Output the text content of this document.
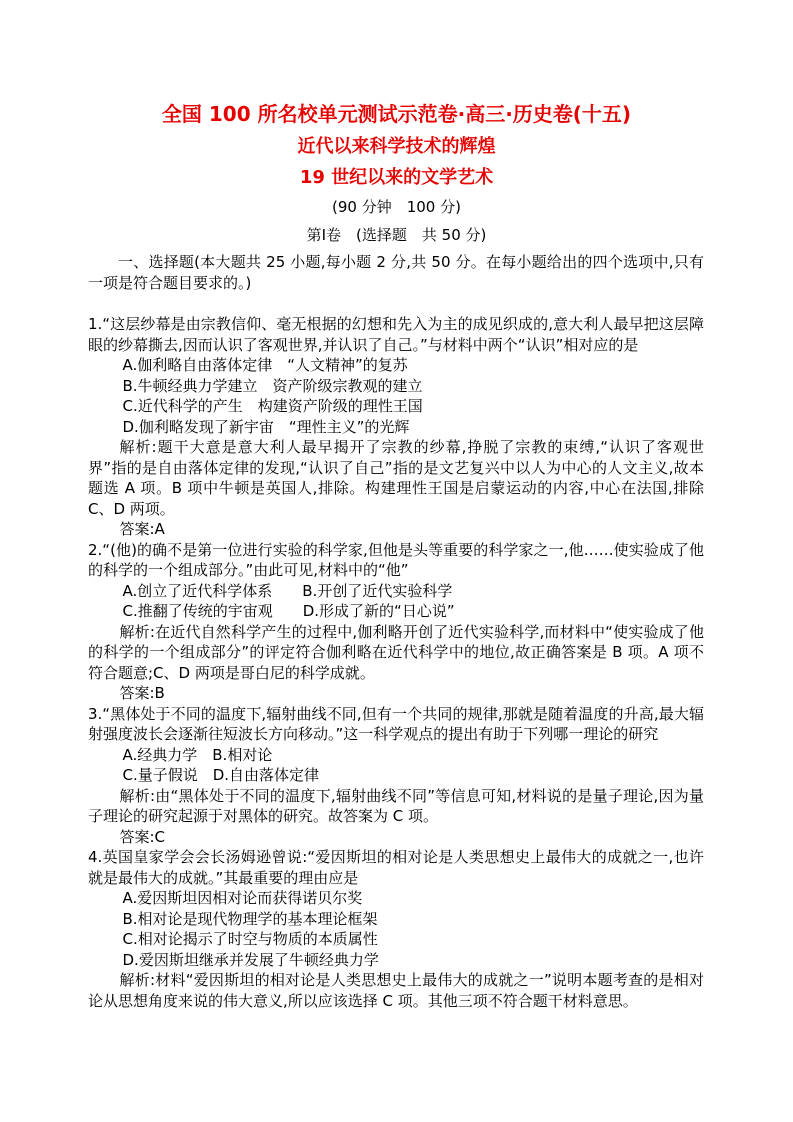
全国 100 所名校单元测试示范卷·高三·历史卷(十五)
近代以来科学技术的辉煌
19 世纪以来的文学艺术
(90 分钟　100 分)
第Ⅰ卷　(选择题　共 50 分)

一、选择题(本大题共 25 小题,每小题 2 分,共 50 分。在每小题给出的四个选项中,只有一项是符合题目要求的。)

1.“这层纱幕是由宗教信仰、毫无根据的幻想和先入为主的成见织成的,意大利人最早把这层障眼的纱幕撕去,因而认识了客观世界,并认识了自己。”与材料中两个“认识”相对应的是

A.伽利略自由落体定律　“人文精神”的复苏

B.牛顿经典力学建立　资产阶级宗教观的建立

C.近代科学的产生　构建资产阶级的理性王国

D.伽利略发现了新宇宙　“理性主义”的光辉

解析:题干大意是意大利人最早揭开了宗教的纱幕,挣脱了宗教的束缚,“认识了客观世界”指的是自由落体定律的发现,“认识了自己”指的是文艺复兴中以人为中心的人文主义,故本题选 A 项。B 项中牛顿是英国人,排除。构建理性王国是启蒙运动的内容,中心在法国,排除 C、D 两项。

答案:A

2.“(他)的确不是第一位进行实验的科学家,但他是头等重要的科学家之一,他……使实验成了他的科学的一个组成部分。”由此可见,材料中的“他”

A.创立了近代科学体系　　B.开创了近代实验科学

C.推翻了传统的宇宙观　　D.形成了新的“日心说”

解析:在近代自然科学产生的过程中,伽利略开创了近代实验科学,而材料中“使实验成了他的科学的一个组成部分”的评定符合伽利略在近代科学中的地位,故正确答案是 B 项。A 项不符合题意;C、D 两项是哥白尼的科学成就。

答案:B

3.“黑体处于不同的温度下,辐射曲线不同,但有一个共同的规律,那就是随着温度的升高,最大辐射强度波长会逐渐往短波长方向移动。”这一科学观点的提出有助于下列哪一理论的研究

A.经典力学　B.相对论

C.量子假说　D.自由落体定律

解析:由“黑体处于不同的温度下,辐射曲线不同”等信息可知,材料说的是量子理论,因为量子理论的研究起源于对黑体的研究。故答案为 C 项。

答案:C

4.英国皇家学会会长汤姆逊曾说:“爱因斯坦的相对论是人类思想史上最伟大的成就之一,也许就是最伟大的成就。”其最重要的理由应是

A.爱因斯坦因相对论而获得诺贝尔奖

B.相对论是现代物理学的基本理论框架

C.相对论揭示了时空与物质的本质属性

D.爱因斯坦继承并发展了牛顿经典力学

解析:材料“爱因斯坦的相对论是人类思想史上最伟大的成就之一”说明本题考查的是相对论从思想角度来说的伟大意义,所以应该选择 C 项。其他三项不符合题干材料意思。
